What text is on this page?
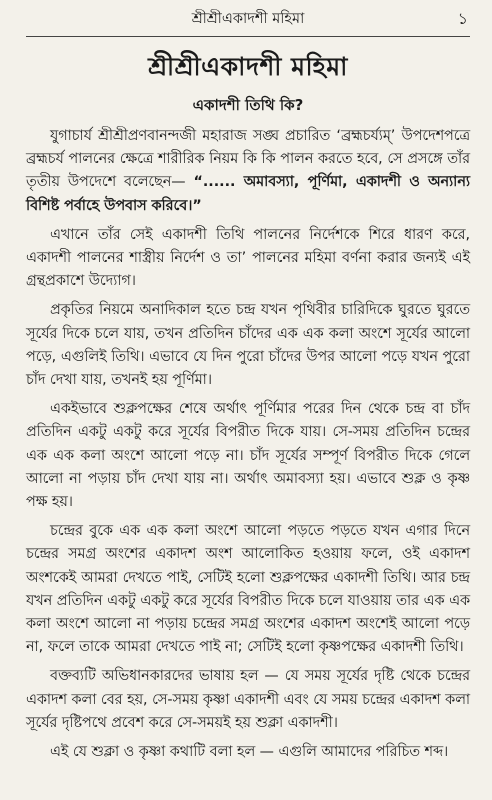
শ্রীশ্রীএকাদশী মহিমা	১
শ্রীশ্রীএকাদশী মহিমা
একাদশী তিথি কি?

যুগাচার্য শ্রীশ্রীপ্রণবানন্দজী মহারাজ সঙ্ঘ প্রচারিত ‘ব্রহ্মচর্য্যম্‌’ উপদেশপত্রে ব্রহ্মচর্য পালনের ক্ষেত্রে শারীরিক নিয়ম কি কি পালন করতে হবে, সে প্রসঙ্গে তাঁর তৃতীয় উপদেশে বলেছেন— “...... অমাবস্যা, পূর্ণিমা, একাদশী ও অন্যান্য বিশিষ্ট পর্বাহে উপবাস করিবে।”

এখানে তাঁর সেই একাদশী তিথি পালনের নির্দেশকে শিরে ধারণ করে, একাদশী পালনের শাস্ত্রীয় নির্দেশ ও তা’ পালনের মহিমা বর্ণনা করার জন্যই এই গ্রন্থপ্রকাশে উদ্যোগ।

প্রকৃতির নিয়মে অনাদিকাল হতে চন্দ্র যখন পৃথিবীর চারিদিকে ঘুরতে ঘুরতে সূর্যের দিকে চলে যায়, তখন প্রতিদিন চাঁদের এক এক কলা অংশে সূর্যের আলো পড়ে, এগুলিই তিথি। এভাবে যে দিন পুরো চাঁদের উপর আলো পড়ে যখন পুরো চাঁদ দেখা যায়, তখনই হয় পূর্ণিমা।

একইভাবে শুক্লপক্ষের শেষে অর্থাৎ পূর্ণিমার পরের দিন থেকে চন্দ্র বা চাঁদ প্রতিদিন একটু একটু করে সূর্যের বিপরীত দিকে যায়। সে-সময় প্রতিদিন চন্দ্রের এক এক কলা অংশে আলো পড়ে না। চাঁদ সূর্যের সম্পূর্ণ বিপরীত দিকে গেলে আলো না পড়ায় চাঁদ দেখা যায় না। অর্থাৎ অমাবস্যা হয়। এভাবে শুক্ল ও কৃষ্ণ পক্ষ হয়।

চন্দ্রের বুকে এক এক কলা অংশে আলো পড়তে পড়তে যখন এগার দিনে চন্দ্রের সমগ্র অংশের একাদশ অংশ আলোকিত হওয়ায় ফলে, ওই একাদশ অংশকেই আমরা দেখতে পাই, সেটিই হলো শুক্লপক্ষের একাদশী তিথি। আর চন্দ্র যখন প্রতিদিন একটু একটু করে সূর্যের বিপরীত দিকে চলে যাওয়ায় তার এক এক কলা অংশে আলো না পড়ায় চন্দ্রের সমগ্র অংশের একাদশ অংশেই আলো পড়ে না, ফলে তাকে আমরা দেখতে পাই না; সেটিই হলো কৃষ্ণপক্ষের একাদশী তিথি।

বক্তব্যটি অভিধানকারদের ভাষায় হল — যে সময় সূর্যের দৃষ্টি থেকে চন্দ্রের একাদশ কলা বের হয়, সে-সময় কৃষ্ণা একাদশী এবং যে সময় চন্দ্রের একাদশ কলা সূর্যের দৃষ্টিপথে প্রবেশ করে সে-সময়ই হয় শুক্লা একাদশী।

এই যে শুক্লা ও কৃষ্ণা কথাটি বলা হল — এগুলি আমাদের পরিচিত শব্দ।
